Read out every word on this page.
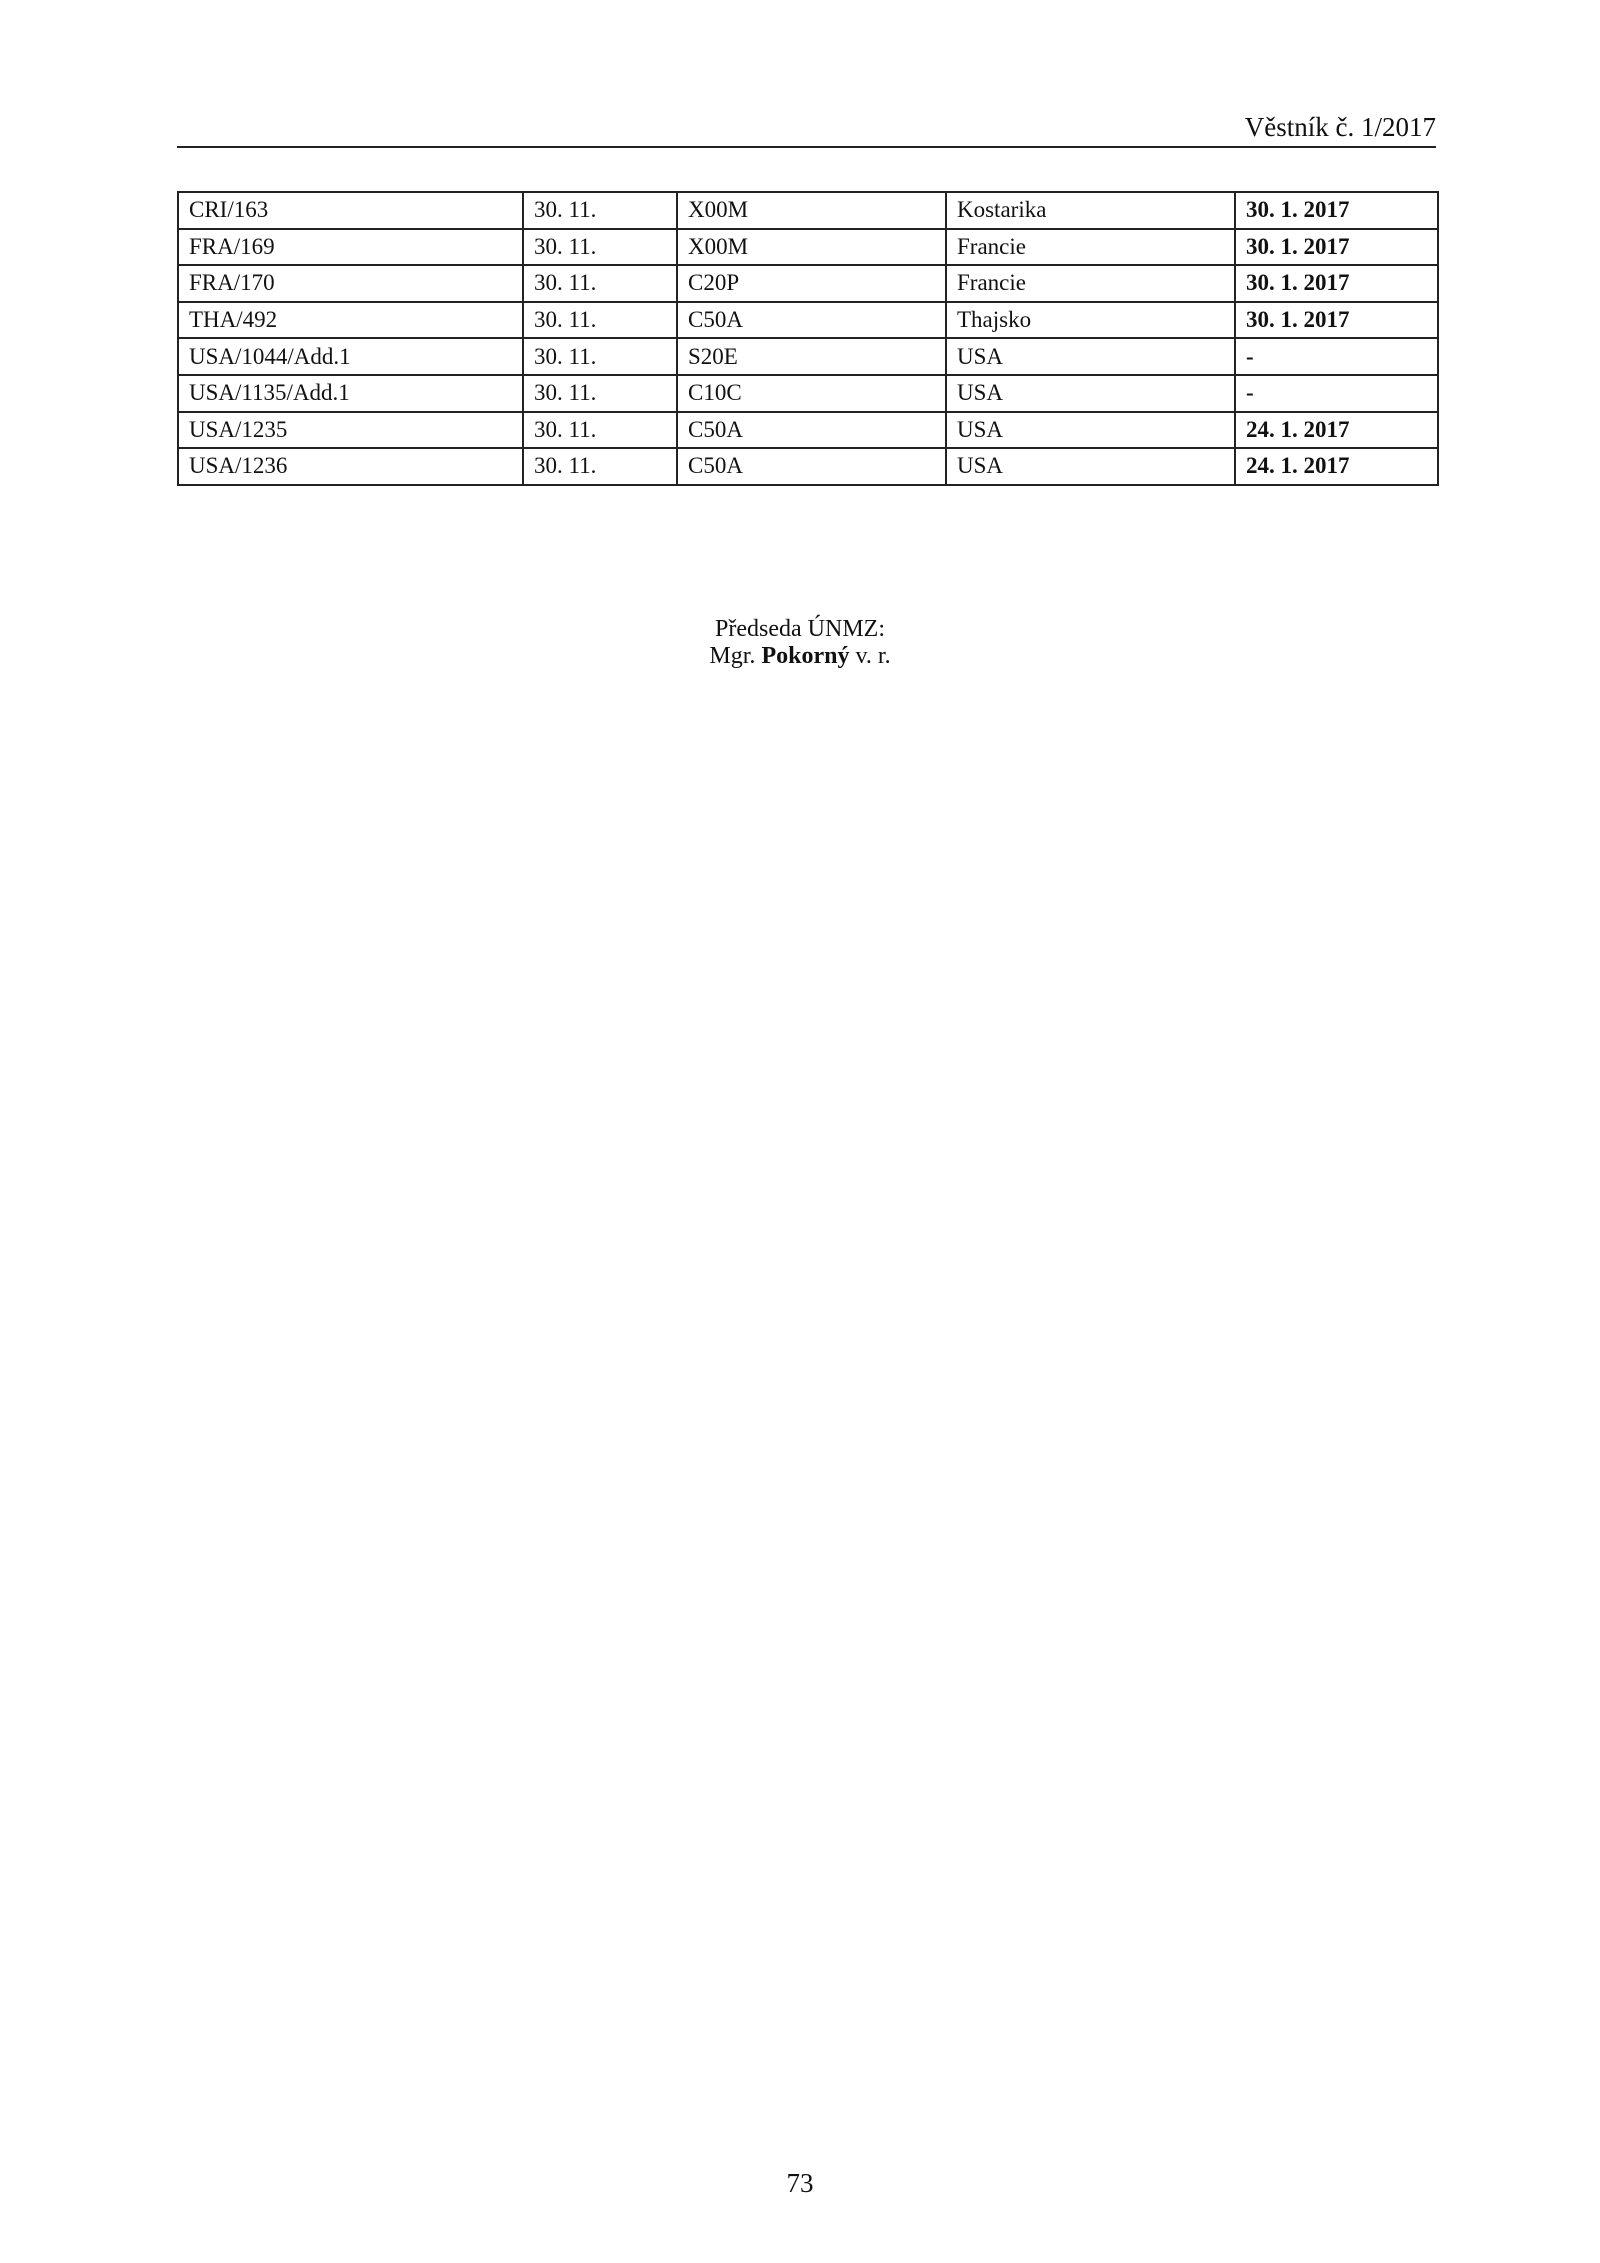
Věstník č. 1/2017
CRI/163	30. 11.	X00M	Kostarika	30. 1. 2017
FRA/169	30. 11.	X00M	Francie	30. 1. 2017
FRA/170	30. 11.	C20P	Francie	30. 1. 2017
THA/492	30. 11.	C50A	Thajsko	30. 1. 2017
USA/1044/Add.1	30. 11.	S20E	USA	-
USA/1135/Add.1	30. 11.	C10C	USA	-
USA/1235	30. 11.	C50A	USA	24. 1. 2017
USA/1236	30. 11.	C50A	USA	24. 1. 2017
Předseda ÚNMZ:
Mgr. Pokorný v. r.
73
